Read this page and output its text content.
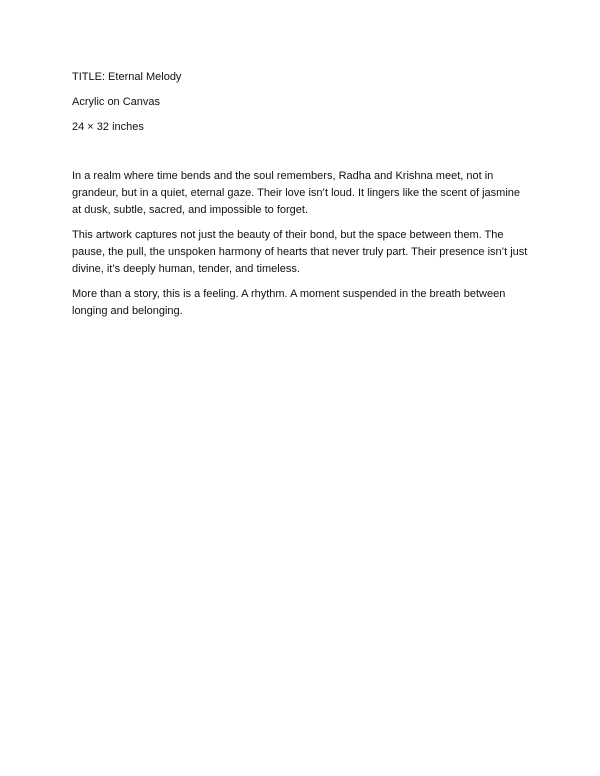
TITLE: Eternal Melody

Acrylic on Canvas

24 × 32 inches

In a realm where time bends and the soul remembers, Radha and Krishna meet, not in grandeur, but in a quiet, eternal gaze. Their love isn’t loud. It lingers like the scent of jasmine at dusk, subtle, sacred, and impossible to forget.

This artwork captures not just the beauty of their bond, but the space between them. The pause, the pull, the unspoken harmony of hearts that never truly part. Their presence isn’t just divine, it’s deeply human, tender, and timeless.

More than a story, this is a feeling. A rhythm. A moment suspended in the breath between longing and belonging.
